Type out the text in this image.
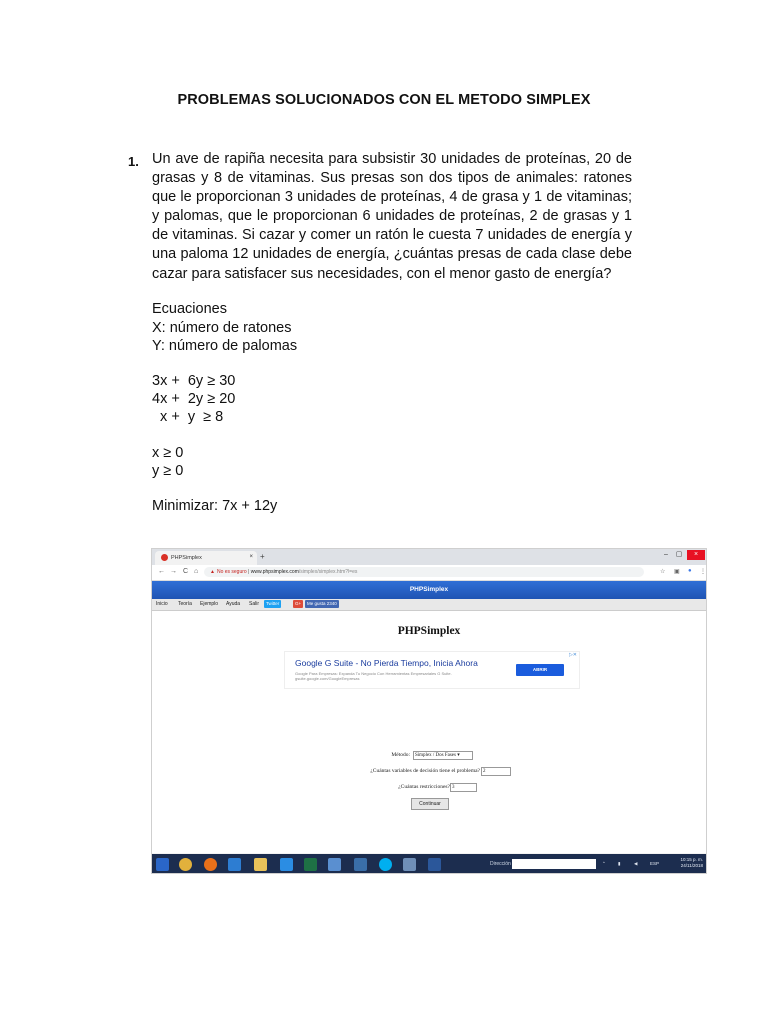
PROBLEMAS SOLUCIONADOS CON EL METODO SIMPLEX
1. Un ave de rapiña necesita para subsistir 30 unidades de proteínas, 20 de grasas y 8 de vitaminas. Sus presas son dos tipos de animales: ratones que le proporcionan 3 unidades de proteínas, 4 de grasa y 1 de vitaminas; y palomas, que le proporcionan 6 unidades de proteínas, 2 de grasas y 1 de vitaminas. Si cazar y comer un ratón le cuesta 7 unidades de energía y una paloma 12 unidades de energía, ¿cuántas presas de cada clase debe cazar para satisfacer sus necesidades, con el menor gasto de energía?
Ecuaciones
X: número de ratones
Y: número de palomas
3x +  6y ≥ 30
4x +  2y ≥ 20
x +  y  ≥ 8
x ≥ 0
y ≥ 0
Minimizar: 7x + 12y
PHPSimplex	× +	–	▢	×
← → C ⌂	▲ No es seguro | www.phpsimplex.com/simplex/simplex.htm?l=es	☆ ▣ ● ⋮
PHPSimplex
Inicio Teoría Ejemplo Ayuda Salir	Twitter	G+	Me gusta 2340
PHPSimplex
Google G Suite - No Pierda Tiempo, Inicia Ahora
Google Para Empresas: Expanda Tu Negocio Con Herramientas Empresariales G Suite. gsuite.google.com/GoogleEmpresas
ABRIR
▷✕
Método:	Simplex / Dos Fases ▾
¿Cuántas variables de decisión tiene el problema? 2
¿Cuántas restricciones? 3
Continuar
Dirección	⌃	▮	◀	ESP
10:15 p. m.
24/11/2018
